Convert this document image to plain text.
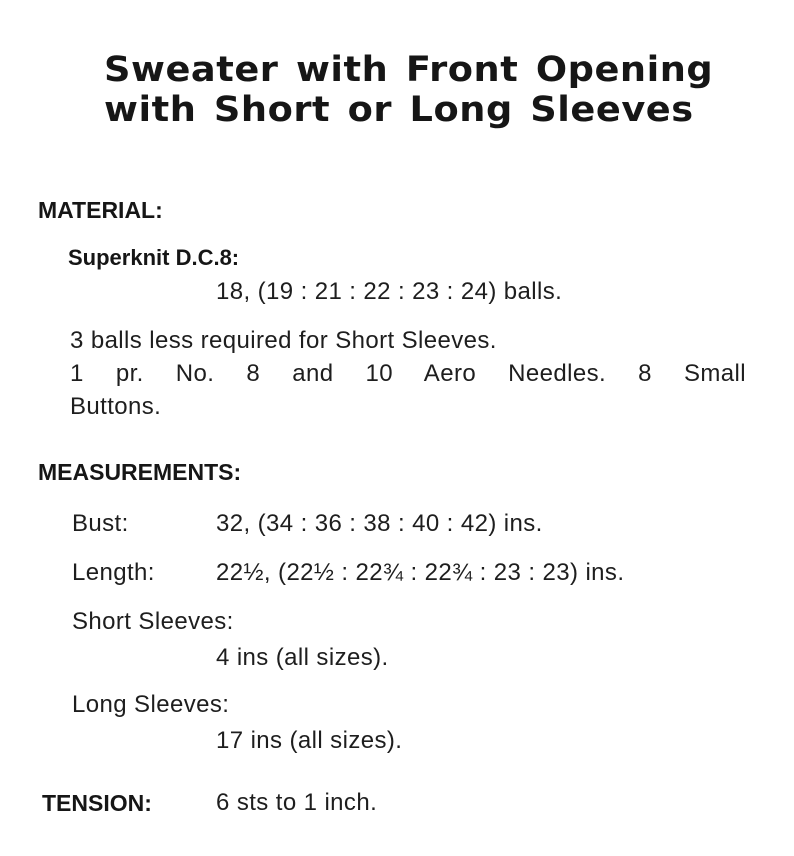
Sweater with Front Opening
with Short or Long Sleeves
MATERIAL:
Superknit D.C.8:

18, (19 : 21 : 22 : 23 : 24) balls.

3 balls less required for Short Sleeves.
1 pr. No. 8 and 10 Aero Needles. 8 Small
Buttons.
MEASUREMENTS:

Bust:	32, (34 : 36 : 38 : 40 : 42) ins.

Length:	22½, (22½ : 22¾ : 22¾ : 23 : 23) ins.

Short Sleeves:

4 ins (all sizes).

Long Sleeves:

17 ins (all sizes).

TENSION:	6 sts to 1 inch.
